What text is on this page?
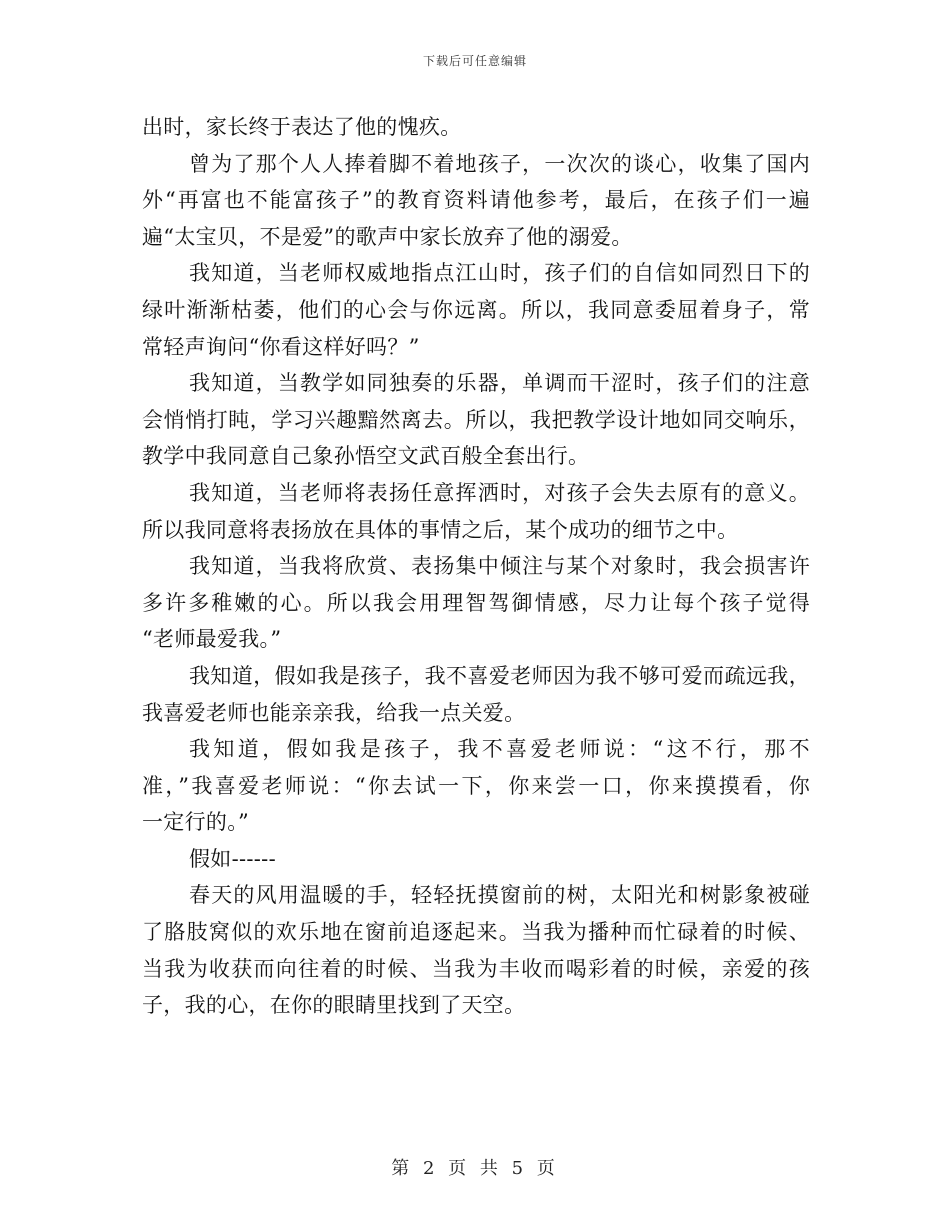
下载后可任意编辑
出时，家长终于表达了他的愧疚。
曾为了那个人人捧着脚不着地孩子，一次次的谈心，收集了国内
外“再富也不能富孩子”的教育资料请他参考，最后，在孩子们一遍
遍“太宝贝，不是爱”的歌声中家长放弃了他的溺爱。
我知道，当老师权威地指点江山时，孩子们的自信如同烈日下的
绿叶渐渐枯萎，他们的心会与你远离。所以，我同意委屈着身子，常
常轻声询问“你看这样好吗？”
我知道，当教学如同独奏的乐器，单调而干涩时，孩子们的注意
会悄悄打盹，学习兴趣黯然离去。所以，我把教学设计地如同交响乐，
教学中我同意自己象孙悟空文武百般全套出行。
我知道，当老师将表扬任意挥洒时，对孩子会失去原有的意义。
所以我同意将表扬放在具体的事情之后，某个成功的细节之中。
我知道，当我将欣赏、表扬集中倾注与某个对象时，我会损害许
多许多稚嫩的心。所以我会用理智驾御情感，尽力让每个孩子觉得
“老师最爱我。”
我知道，假如我是孩子，我不喜爱老师因为我不够可爱而疏远我，
我喜爱老师也能亲亲我，给我一点关爱。
我知道，假如我是孩子，我不喜爱老师说：“这不行，那不
准，”我喜爱老师说：“你去试一下，你来尝一口，你来摸摸看，你
一定行的。”
假如------
春天的风用温暖的手，轻轻抚摸窗前的树，太阳光和树影象被碰
了胳肢窝似的欢乐地在窗前追逐起来。当我为播种而忙碌着的时候、
当我为收获而向往着的时候、当我为丰收而喝彩着的时候，亲爱的孩
子，我的心，在你的眼睛里找到了天空。
第 2 页 共 5 页
